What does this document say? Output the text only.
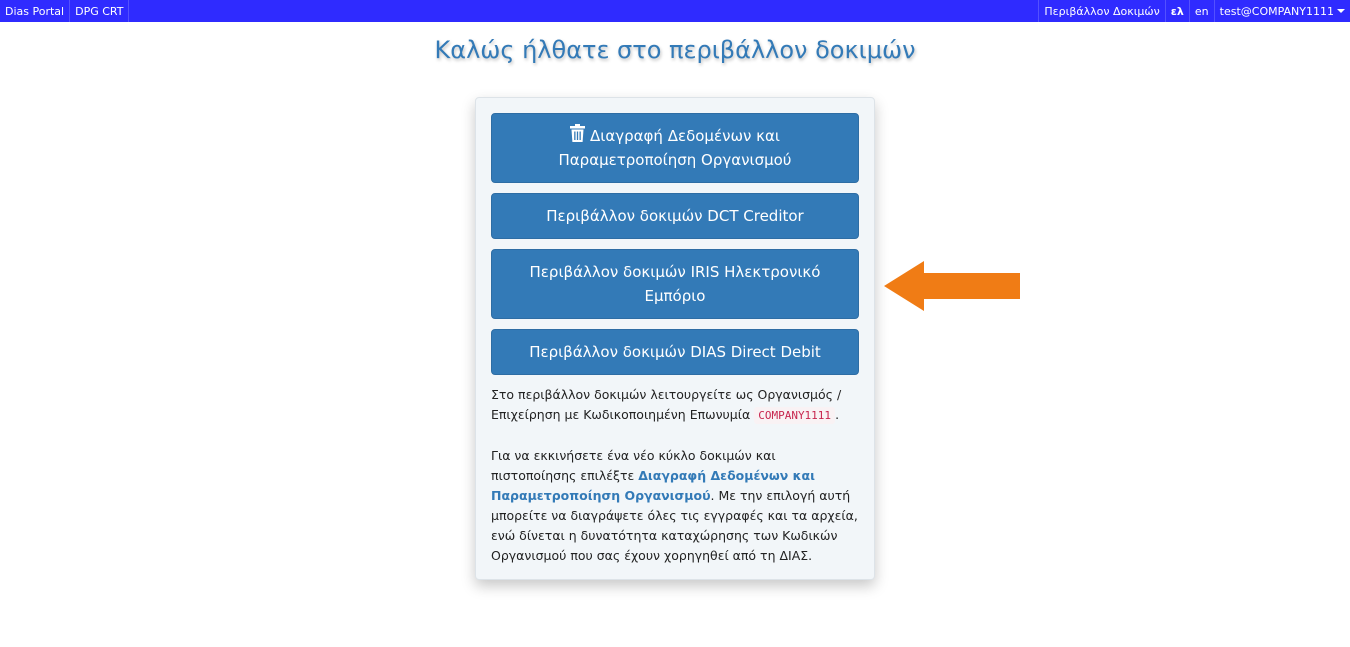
Dias Portal	DPG CRT	Περιβάλλον Δοκιμών	ελ	en	test@COMPANY1111
Καλώς ήλθατε στο περιβάλλον δοκιμών
Διαγραφή Δεδομένων και
Παραμετροποίηση Οργανισμού
Περιβάλλον δοκιμών DCT Creditor
Περιβάλλον δοκιμών IRIS Ηλεκτρονικό
Εμπόριο
Περιβάλλον δοκιμών DIAS Direct Debit

Στο περιβάλλον δοκιμών λειτουργείτε ως Οργανισμός / Επιχείρηση με Κωδικοποιημένη Επωνυμία COMPANY1111 .

Για να εκκινήσετε ένα νέο κύκλο δοκιμών και πιστοποίησης επιλέξτε Διαγραφή Δεδομένων και Παραμετροποίηση Οργανισμού. Με την επιλογή αυτή μπορείτε να διαγράψετε όλες τις εγγραφές και τα αρχεία, ενώ δίνεται η δυνατότητα καταχώρησης των Κωδικών Οργανισμού που σας έχουν χορηγηθεί από τη ΔΙΑΣ.
